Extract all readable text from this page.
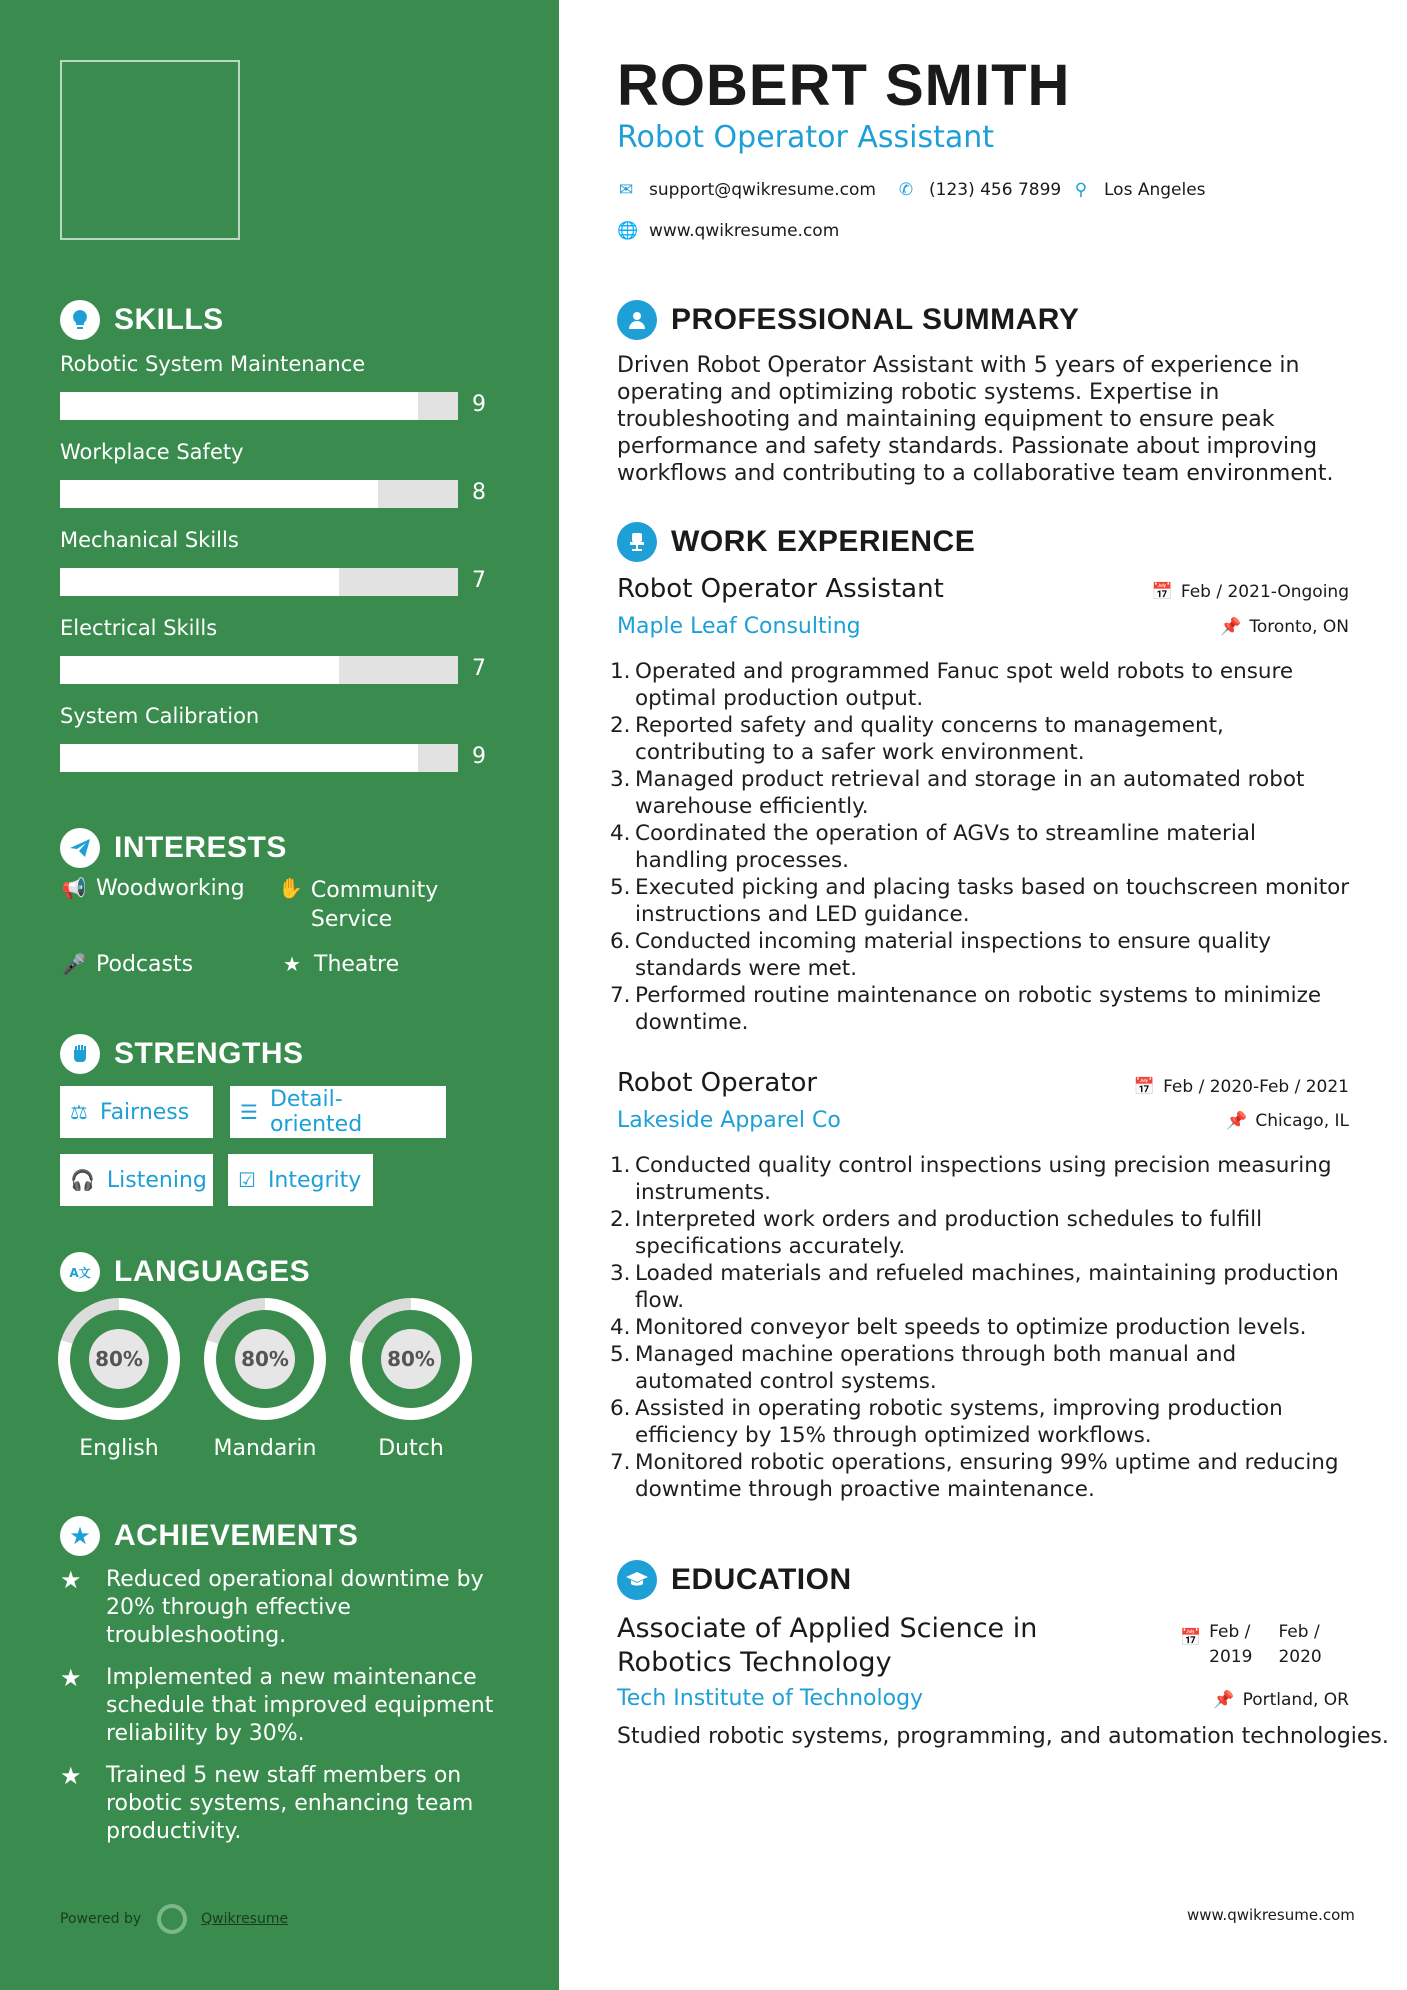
SKILLS
Robotic System Maintenance
9
Workplace Safety
8
Mechanical Skills
7
Electrical Skills
7
System Calibration
9
INTERESTS
📢 Woodworking ✋ Community Service
🎤 Podcasts	★ Theatre
STRENGTHS
⚖ Fairness	☰ Detail-oriented
🎧 Listening ☑ Integrity
A文 LANGUAGES
80%
English
80%
Mandarin
80%
Dutch
★ ACHIEVEMENTS
★	Reduced operational downtime by 20% through effective troubleshooting.
★	Implemented a new maintenance schedule that improved equipment reliability by 30%.
★	Trained 5 new staff members on robotic systems, enhancing team productivity.
Powered by	Qwikresume
ROBERT SMITH
Robot Operator Assistant
✉ support@qwikresume.com ✆ (123) 456 7899 ⚲ Los Angeles
🌐 www.qwikresume.com
PROFESSIONAL SUMMARY
Driven Robot Operator Assistant with 5 years of experience in operating and optimizing robotic systems. Expertise in troubleshooting and maintaining equipment to ensure peak performance and safety standards. Passionate about improving workflows and contributing to a collaborative team environment.
WORK EXPERIENCE
Robot Operator Assistant	📅 Feb / 2021-Ongoing
Maple Leaf Consulting	📌 Toronto, ON
1. Operated and programmed Fanuc spot weld robots to ensure optimal production output.
2. Reported safety and quality concerns to management, contributing to a safer work environment.
3. Managed product retrieval and storage in an automated robot warehouse efficiently.
4. Coordinated the operation of AGVs to streamline material handling processes.
5. Executed picking and placing tasks based on touchscreen monitor instructions and LED guidance.
6. Conducted incoming material inspections to ensure quality standards were met.
7. Performed routine maintenance on robotic systems to minimize downtime.
Robot Operator	📅 Feb / 2020-Feb / 2021
Lakeside Apparel Co	📌 Chicago, IL
1. Conducted quality control inspections using precision measuring instruments.
2. Interpreted work orders and production schedules to fulfill specifications accurately.
3. Loaded materials and refueled machines, maintaining production flow.
4. Monitored conveyor belt speeds to optimize production levels.
5. Managed machine operations through both manual and automated control systems.
6. Assisted in operating robotic systems, improving production efficiency by 15% through optimized workflows.
7. Monitored robotic operations, ensuring 99% uptime and reducing downtime through proactive maintenance.
EDUCATION
Associate of Applied Science in Robotics Technology
📅 Feb /
2019
Feb /
2020
Tech Institute of Technology	📌 Portland, OR
Studied robotic systems, programming, and automation technologies.
www.qwikresume.com
